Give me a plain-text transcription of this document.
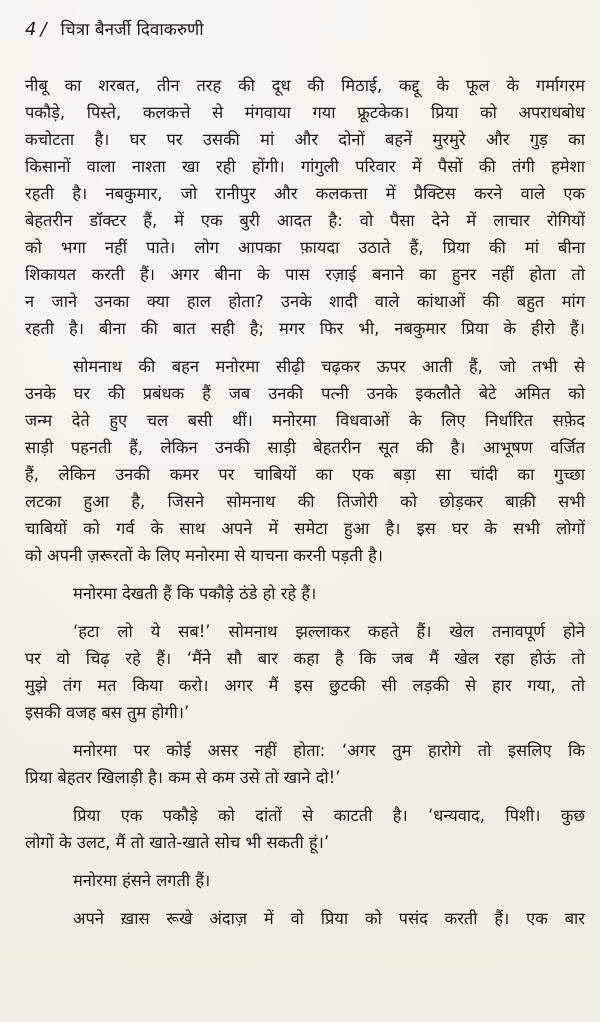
4 / चित्रा बैनर्जी दिवाकरुणी
नीबू का शरबत, तीन तरह की दूध की मिठाई, कद्दू के फूल के गर्मागरम
पकौड़े, पिस्ते, कलकत्ते से मंगवाया गया फ्रूटकेक। प्रिया को अपराधबोध
कचोटता है। घर पर उसकी मां और दोनों बहनें मुरमुरे और गुड़ का
किसानों वाला नाश्ता खा रही होंगी। गांगुली परिवार में पैसों की तंगी हमेशा
रहती है। नबकुमार, जो रानीपुर और कलकत्ता में प्रैक्टिस करने वाले एक
बेहतरीन डॉक्टर हैं, में एक बुरी आदत है: वो पैसा देने में लाचार रोगियों
को भगा नहीं पाते। लोग आपका फ़ायदा उठाते हैं, प्रिया की मां बीना
शिकायत करती हैं। अगर बीना के पास रज़ाई बनाने का हुनर नहीं होता तो
न जाने उनका क्या हाल होता? उनके शादी वाले कांथाओं की बहुत मांग
रहती है। बीना की बात सही है; मगर फिर भी, नबकुमार प्रिया के हीरो हैं।
सोमनाथ की बहन मनोरमा सीढ़ी चढ़कर ऊपर आती हैं, जो तभी से
उनके घर की प्रबंधक हैं जब उनकी पत्नी उनके इकलौते बेटे अमित को
जन्म देते हुए चल बसी थीं। मनोरमा विधवाओं के लिए निर्धारित सफ़ेद
साड़ी पहनती हैं, लेकिन उनकी साड़ी बेहतरीन सूत की है। आभूषण वर्जित
हैं, लेकिन उनकी कमर पर चाबियों का एक बड़ा सा चांदी का गुच्छा
लटका हुआ है, जिसने सोमनाथ की तिजोरी को छोड़कर बाक़ी सभी
चाबियों को गर्व के साथ अपने में समेटा हुआ है। इस घर के सभी लोगों
को अपनी ज़रूरतों के लिए मनोरमा से याचना करनी पड़ती है।
मनोरमा देखती हैं कि पकौड़े ठंडे हो रहे हैं।
‘हटा लो ये सब!’ सोमनाथ झल्लाकर कहते हैं। खेल तनावपूर्ण होने
पर वो चिढ़ रहे हैं। ‘मैंने सौ बार कहा है कि जब मैं खेल रहा होऊं तो
मुझे तंग मत किया करो। अगर मैं इस छुटकी सी लड़की से हार गया, तो
इसकी वजह बस तुम होगी।’
मनोरमा पर कोई असर नहीं होता: ‘अगर तुम हारोगे तो इसलिए कि
प्रिया बेहतर खिलाड़ी है। कम से कम उसे तो खाने दो!’
प्रिया एक पकौड़े को दांतों से काटती है। ‘धन्यवाद, पिशी। कुछ
लोगों के उलट, मैं तो खाते-खाते सोच भी सकती हूं।’
मनोरमा हंसने लगती हैं।
अपने ख़ास रूखे अंदाज़ में वो प्रिया को पसंद करती हैं। एक बार
